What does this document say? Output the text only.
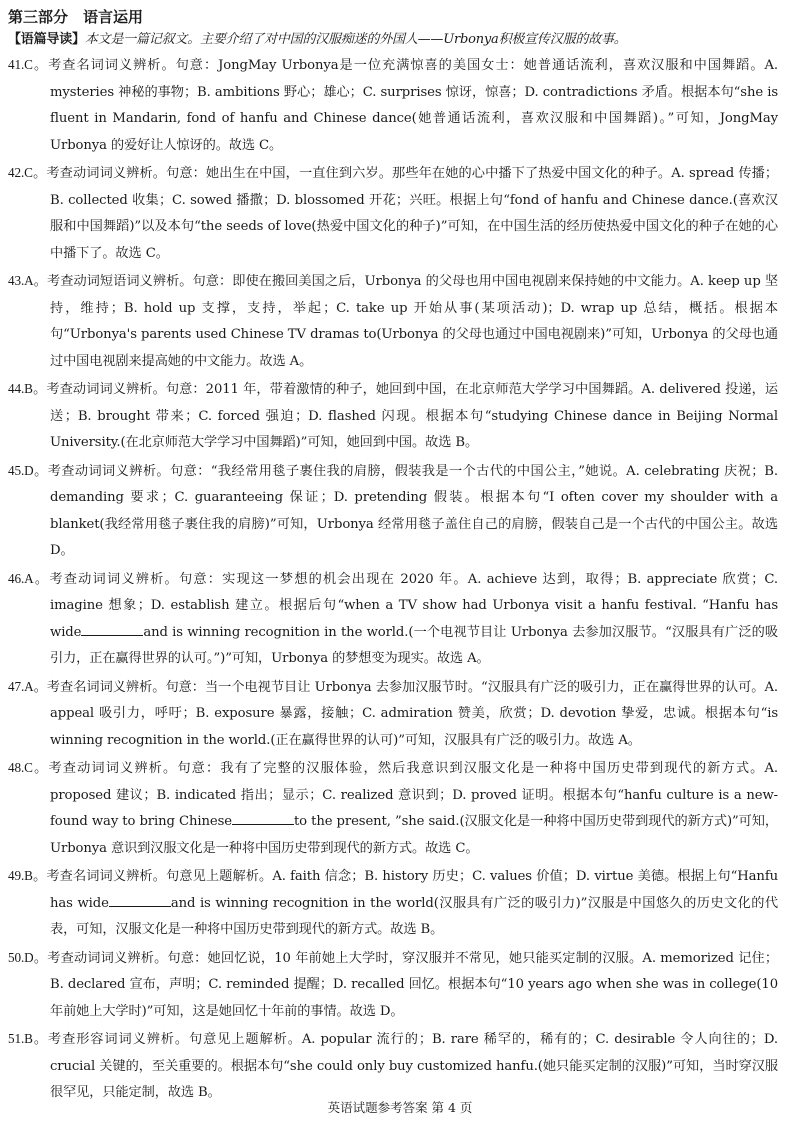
第三部分　语言运用
【语篇导读】本文是一篇记叙文。主要介绍了对中国的汉服痴迷的外国人——Urbonya积极宣传汉服的故事。

41.C。考查名词词义辨析。句意：JongMay Urbonya是一位充满惊喜的美国女士：她普通话流利，喜欢汉服和中国舞蹈。A. mysteries 神秘的事物；B. ambitions 野心；雄心；C. surprises 惊讶，惊喜；D. contradictions 矛盾。根据本句“she is fluent in Mandarin, fond of hanfu and Chinese dance(她普通话流利，喜欢汉服和中国舞蹈)。”可知，JongMay Urbonya 的爱好让人惊讶的。故选 C。

42.C。考查动词词义辨析。句意：她出生在中国，一直住到六岁。那些年在她的心中播下了热爱中国文化的种子。A. spread 传播；B. collected 收集；C. sowed 播撒；D. blossomed 开花；兴旺。根据上句“fond of hanfu and Chinese dance.(喜欢汉服和中国舞蹈)”以及本句“the seeds of love(热爱中国文化的种子)”可知，在中国生活的经历使热爱中国文化的种子在她的心中播下了。故选 C。

43.A。考查动词短语词义辨析。句意：即使在搬回美国之后，Urbonya 的父母也用中国电视剧来保持她的中文能力。A. keep up 坚持，维持；B. hold up 支撑，支持，举起；C. take up 开始从事(某项活动)；D. wrap up 总结，概括。根据本句“Urbonya's parents used Chinese TV dramas to(Urbonya 的父母也通过中国电视剧来)”可知，Urbonya 的父母也通过中国电视剧来提高她的中文能力。故选 A。

44.B。考查动词词义辨析。句意：2011 年，带着激情的种子，她回到中国，在北京师范大学学习中国舞蹈。A. delivered 投递，运送；B. brought 带来；C. forced 强迫；D. flashed 闪现。根据本句“studying Chinese dance in Beijing Normal University.(在北京师范大学学习中国舞蹈)”可知，她回到中国。故选 B。

45.D。考查动词词义辨析。句意：“我经常用毯子裹住我的肩膀，假装我是一个古代的中国公主，”她说。A. celebrating 庆祝；B. demanding 要求；C. guaranteeing 保证；D. pretending 假装。根据本句“I often cover my shoulder with a blanket(我经常用毯子裹住我的肩膀)”可知，Urbonya 经常用毯子盖住自己的肩膀，假装自己是一个古代的中国公主。故选 D。

46.A。考查动词词义辨析。句意：实现这一梦想的机会出现在 2020 年。A. achieve 达到，取得；B. appreciate 欣赏；C. imagine 想象；D. establish 建立。根据后句“when a TV show had Urbonya visit a hanfu festival. “Hanfu has wide	and is winning recognition in the world.(一个电视节目让 Urbonya 去参加汉服节。“汉服具有广泛的吸引力，正在赢得世界的认可。”)”可知，Urbonya 的梦想变为现实。故选 A。

47.A。考查名词词义辨析。句意：当一个电视节目让 Urbonya 去参加汉服节时。“汉服具有广泛的吸引力，正在赢得世界的认可。A. appeal 吸引力，呼吁；B. exposure 暴露，接触；C. admiration 赞美，欣赏；D. devotion 挚爱，忠诚。根据本句“is winning recognition in the world.(正在赢得世界的认可)”可知，汉服具有广泛的吸引力。故选 A。

48.C。考查动词词义辨析。句意：我有了完整的汉服体验，然后我意识到汉服文化是一种将中国历史带到现代的新方式。A. proposed 建议；B. indicated 指出；显示；C. realized 意识到；D. proved 证明。根据本句“hanfu culture is a new-found way to bring Chinese	to the present, ”she said.(汉服文化是一种将中国历史带到现代的新方式)”可知，Urbonya 意识到汉服文化是一种将中国历史带到现代的新方式。故选 C。

49.B。考查名词词义辨析。句意见上题解析。A. faith 信念；B. history 历史；C. values 价值；D. virtue 美德。根据上句“Hanfu has wide	and is winning recognition in the world(汉服具有广泛的吸引力)”汉服是中国悠久的历史文化的代表，可知，汉服文化是一种将中国历史带到现代的新方式。故选 B。

50.D。考查动词词义辨析。句意：她回忆说，10 年前她上大学时，穿汉服并不常见，她只能买定制的汉服。A. memorized 记住；B. declared 宣布，声明；C. reminded 提醒；D. recalled 回忆。根据本句“10 years ago when she was in college(10 年前她上大学时)”可知，这是她回忆十年前的事情。故选 D。

51.B。考查形容词词义辨析。句意见上题解析。A. popular 流行的；B. rare 稀罕的，稀有的；C. desirable 令人向往的；D. crucial 关键的，至关重要的。根据本句“she could only buy customized hanfu.(她只能买定制的汉服)”可知，当时穿汉服很罕见，只能定制，故选 B。

英语试题参考答案 第 4 页
